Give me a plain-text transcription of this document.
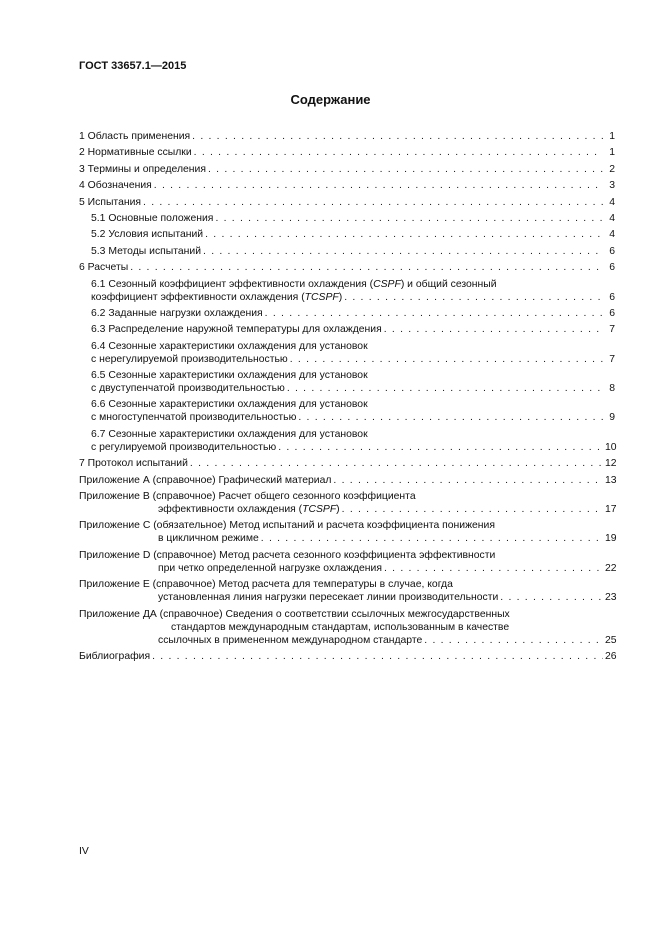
ГОСТ 33657.1—2015
Содержание
1 Область применения . . .	1
2 Нормативные ссылки . . .	1
3 Термины и определения . . .	2
4 Обозначения . . .	3
5 Испытания . . .	4
5.1 Основные положения . . .	4
5.2 Условия испытаний . . .	4
5.3 Методы испытаний . . .	6
6 Расчеты . . .	6
6.1 Сезонный коэффициент эффективности охлаждения ( CSPF ) и общий сезонный
коэффициент эффективности охлаждения ( TCSPF ) . . .	6
6.2 Заданные нагрузки охлаждения . . .	6
6.3 Распределение наружной температуры для охлаждения . . .	7
6.4 Сезонные характеристики охлаждения для установок
с нерегулируемой производительностью . . .	7
6.5 Сезонные характеристики охлаждения для установок
с двуступенчатой производительностью . . .	8
6.6 Сезонные характеристики охлаждения для установок
с многоступенчатой производительностью . . .	9
6.7 Сезонные характеристики охлаждения для установок
с регулируемой производительностью . . .	10
7 Протокол испытаний . . .	12
Приложение А (справочное) Графический материал . . .	13
Приложение В (справочное) Расчет общего сезонного коэффициента
эффективности охлаждения ( TCSPF ) . . .	17
Приложение С (обязательное) Метод испытаний и расчета коэффициента понижения
в цикличном режиме . . .	19
Приложение D (справочное) Метод расчета сезонного коэффициента эффективности
при четко определенной нагрузке охлаждения . . .	22
Приложение Е (справочное) Метод расчета для температуры в случае, когда
установленная линия нагрузки пересекает линии производительности . . .	23
Приложение ДА (справочное) Сведения о соответствии ссылочных межгосударственных
стандартов международным стандартам, использованным в качестве
ссылочных в примененном международном стандарте . . .	25
Библиография . . .	26
IV
